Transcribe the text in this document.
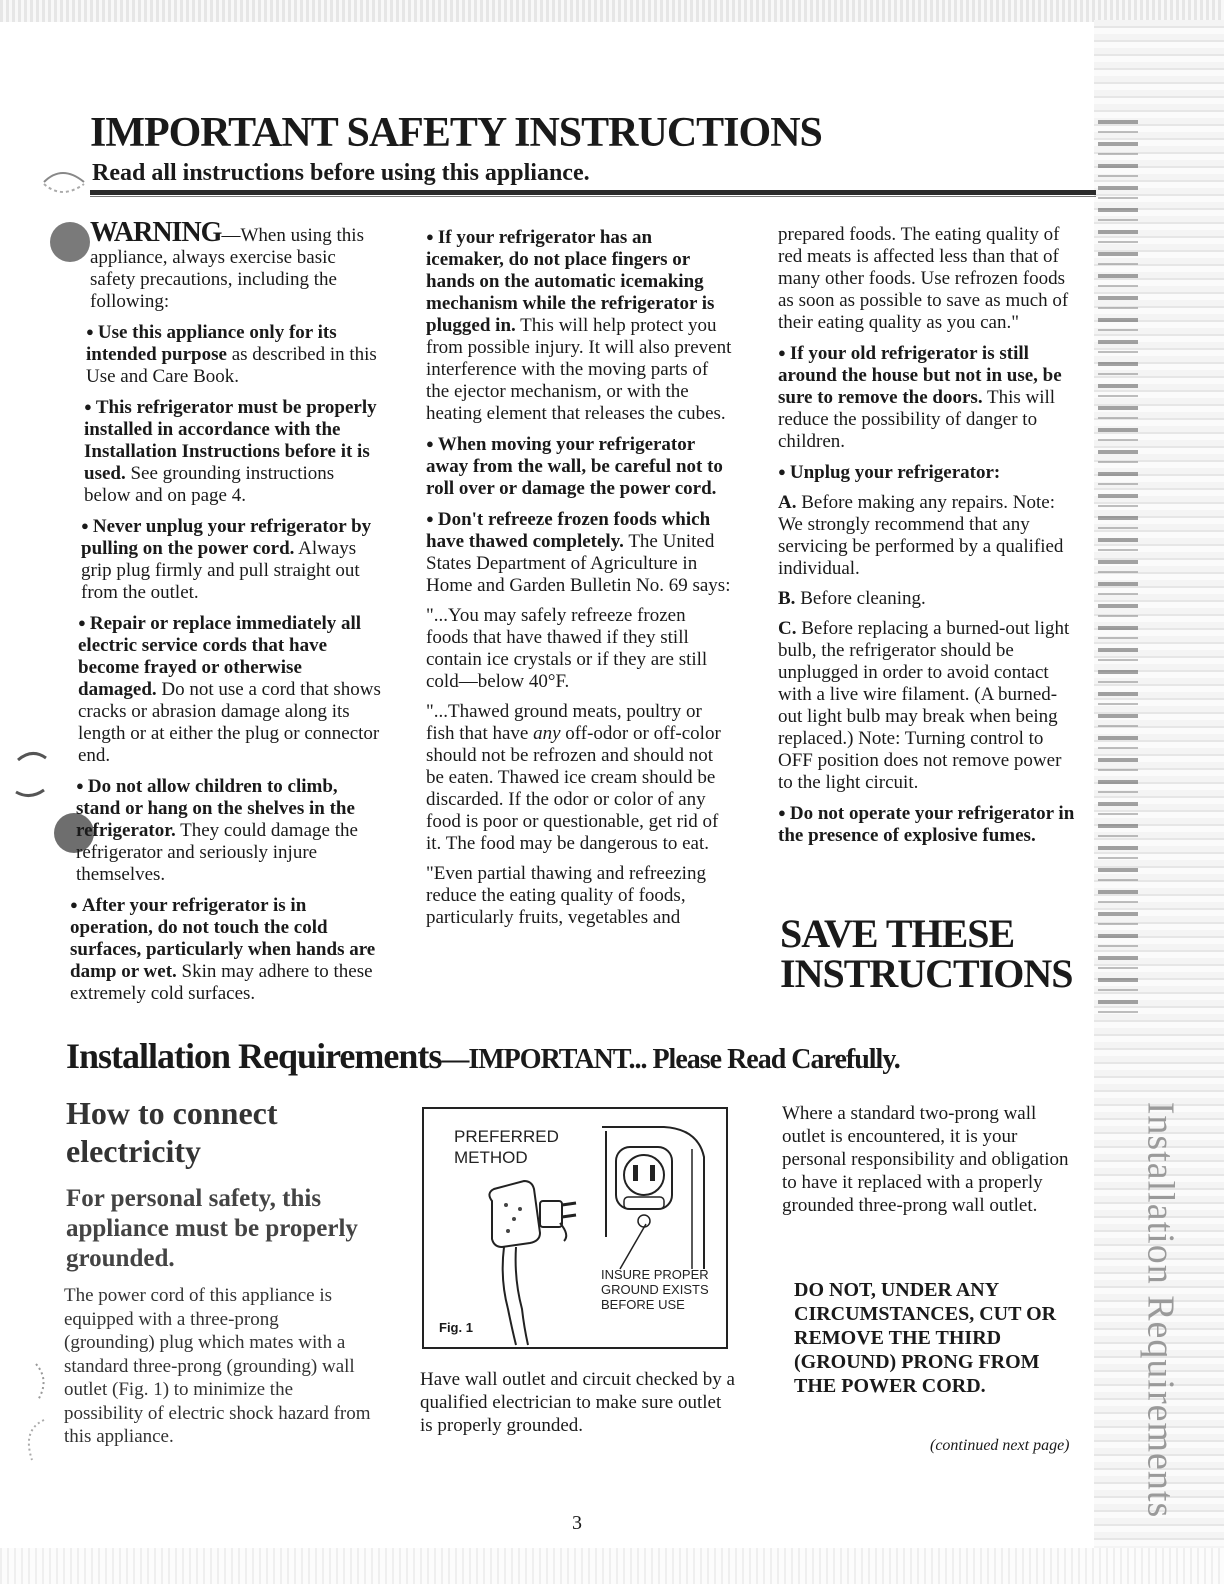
Installation Requirements
IMPORTANT SAFETY INSTRUCTIONS
Read all instructions before using this appliance.

WARNING—When using this appliance, always exercise basic safety precautions, including the following:

● Use this appliance only for its intended purpose as described in this Use and Care Book.

● This refrigerator must be properly installed in accordance with the Installation Instructions before it is used. See grounding instructions below and on page 4.

● Never unplug your refrigerator by pulling on the power cord. Always grip plug firmly and pull straight out from the outlet.

● Repair or replace immediately all electric service cords that have become frayed or otherwise damaged. Do not use a cord that shows cracks or abrasion damage along its length or at either the plug or connector end.

● Do not allow children to climb, stand or hang on the shelves in the refrigerator. They could damage the refrigerator and seriously injure themselves.

● After your refrigerator is in operation, do not touch the cold surfaces, particularly when hands are damp or wet. Skin may adhere to these extremely cold surfaces.

● If your refrigerator has an icemaker, do not place fingers or hands on the automatic icemaking mechanism while the refrigerator is plugged in. This will help protect you from possible injury. It will also prevent interference with the moving parts of the ejector mechanism, or with the heating element that releases the cubes.

● When moving your refrigerator away from the wall, be careful not to roll over or damage the power cord.

● Don't refreeze frozen foods which have thawed completely. The United States Department of Agriculture in Home and Garden Bulletin No. 69 says:

"...You may safely refreeze frozen foods that have thawed if they still contain ice crystals or if they are still cold—below 40°F.

"...Thawed ground meats, poultry or fish that have any off-odor or off-color should not be refrozen and should not be eaten. Thawed ice cream should be discarded. If the odor or color of any food is poor or questionable, get rid of it. The food may be dangerous to eat.

"Even partial thawing and refreezing reduce the eating quality of foods, particularly fruits, vegetables and

prepared foods. The eating quality of red meats is affected less than that of many other foods. Use refrozen foods as soon as possible to save as much of their eating quality as you can."

● If your old refrigerator is still around the house but not in use, be sure to remove the doors. This will reduce the possibility of danger to children.

● Unplug your refrigerator:

A. Before making any repairs. Note: We strongly recommend that any servicing be performed by a qualified individual.

B. Before cleaning.

C. Before replacing a burned-out light bulb, the refrigerator should be unplugged in order to avoid contact with a live wire filament. (A burned-out light bulb may break when being replaced.) Note: Turning control to OFF position does not remove power to the light circuit.

● Do not operate your refrigerator in the presence of explosive fumes.

SAVE THESE
INSTRUCTIONS
Installation Requirements—IMPORTANT... Please Read Carefully.
How to connect electricity
For personal safety, this appliance must be properly grounded.
The power cord of this appliance is equipped with a three-prong (grounding) plug which mates with a standard three-prong (grounding) wall outlet (Fig. 1) to minimize the possibility of electric shock hazard from this appliance.
PREFERRED METHOD
INSURE PROPER GROUND EXISTS BEFORE USE
Fig. 1
Have wall outlet and circuit checked by a qualified electrician to make sure outlet is properly grounded.
Where a standard two-prong wall outlet is encountered, it is your personal responsibility and obligation to have it replaced with a properly grounded three-prong wall outlet.
DO NOT, UNDER ANY CIRCUMSTANCES, CUT OR REMOVE THE THIRD (GROUND) PRONG FROM THE POWER CORD.
(continued next page)
3
